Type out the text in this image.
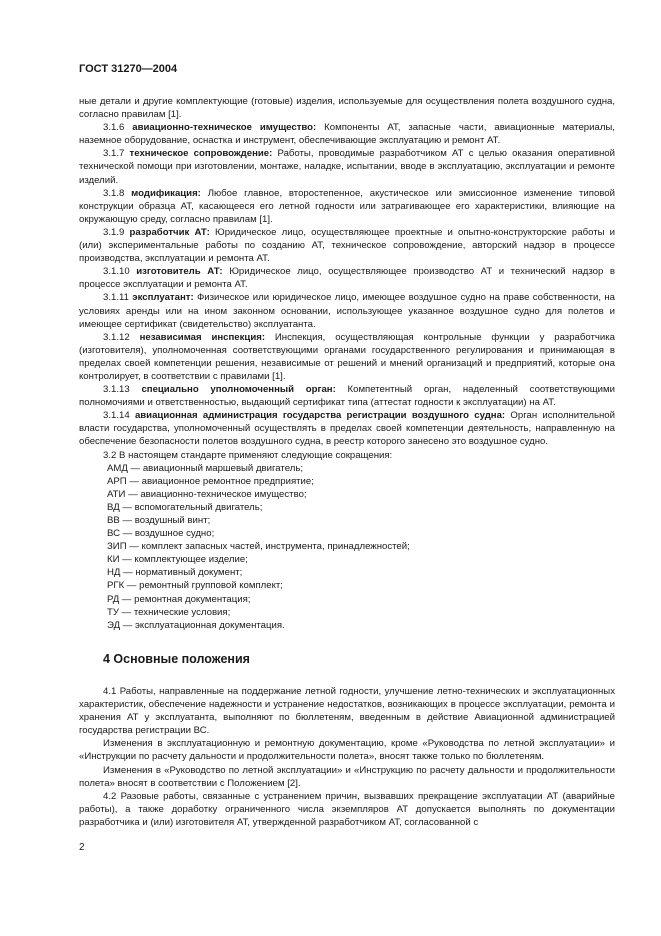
ГОСТ 31270—2004

ные детали и другие комплектующие (готовые) изделия, используемые для осуществления полета воздушного судна, согласно правилам [1].

3.1.6 авиационно-техническое имущество: Компоненты АТ, запасные части, авиационные материалы, наземное оборудование, оснастка и инструмент, обеспечивающие эксплуатацию и ремонт АТ.

3.1.7 техническое сопровождение: Работы, проводимые разработчиком АТ с целью оказания оперативной технической помощи при изготовлении, монтаже, наладке, испытании, вводе в эксплуатацию, эксплуатации и ремонте изделий.

3.1.8 модификация: Любое главное, второстепенное, акустическое или эмиссионное изменение типовой конструкции образца АТ, касающееся его летной годности или затрагивающее его характеристики, влияющие на окружающую среду, согласно правилам [1].

3.1.9 разработчик АТ: Юридическое лицо, осуществляющее проектные и опытно-конструкторские работы и (или) экспериментальные работы по созданию АТ, техническое сопровождение, авторский надзор в процессе производства, эксплуатации и ремонта АТ.

3.1.10 изготовитель АТ: Юридическое лицо, осуществляющее производство АТ и технический надзор в процессе эксплуатации и ремонта АТ.

3.1.11 эксплуатант: Физическое или юридическое лицо, имеющее воздушное судно на праве собственности, на условиях аренды или на ином законном основании, использующее указанное воздушное судно для полетов и имеющее сертификат (свидетельство) эксплуатанта.

3.1.12 независимая инспекция: Инспекция, осуществляющая контрольные функции у разработчика (изготовителя), уполномоченная соответствующими органами государственного регулирования и принимающая в пределах своей компетенции решения, независимые от решений и мнений организаций и предприятий, которые она контролирует, в соответствии с правилами [1].

3.1.13 специально уполномоченный орган: Компетентный орган, наделенный соответствующими полномочиями и ответственностью, выдающий сертификат типа (аттестат годности к эксплуатации) на АТ.

3.1.14 авиационная администрация государства регистрации воздушного судна: Орган исполнительной власти государства, уполномоченный осуществлять в пределах своей компетенции деятельность, направленную на обеспечение безопасности полетов воздушного судна, в реестр которого занесено это воздушное судно.

3.2 В настоящем стандарте применяют следующие сокращения:

АМД — авиационный маршевый двигатель;

АРП — авиационное ремонтное предприятие;

АТИ — авиационно-техническое имущество;

ВД — вспомогательный двигатель;

ВВ — воздушный винт;

ВС — воздушное судно;

ЗИП — комплект запасных частей, инструмента, принадлежностей;

КИ — комплектующее изделие;

НД — нормативный документ;

РГК — ремонтный групповой комплект;

РД — ремонтная документация;

ТУ — технические условия;

ЭД — эксплуатационная документация.

4 Основные положения

4.1 Работы, направленные на поддержание летной годности, улучшение летно-технических и эксплуатационных характеристик, обеспечение надежности и устранение недостатков, возникающих в процессе эксплуатации, ремонта и хранения АТ у эксплуатанта, выполняют по бюллетеням, введенным в действие Авиационной администрацией государства регистрации ВС.

Изменения в эксплуатационную и ремонтную документацию, кроме «Руководства по летной эксплуатации» и «Инструкции по расчету дальности и продолжительности полета», вносят также только по бюллетеням.

Изменения в «Руководство по летной эксплуатации» и «Инструкцию по расчету дальности и продолжительности полета» вносят в соответствии с Положением [2].

4.2 Разовые работы, связанные с устранением причин, вызвавших прекращение эксплуатации АТ (аварийные работы), а также доработку ограниченного числа экземпляров АТ допускается выполнять по документации разработчика и (или) изготовителя АТ, утвержденной разработчиком АТ, согласованной с

2
